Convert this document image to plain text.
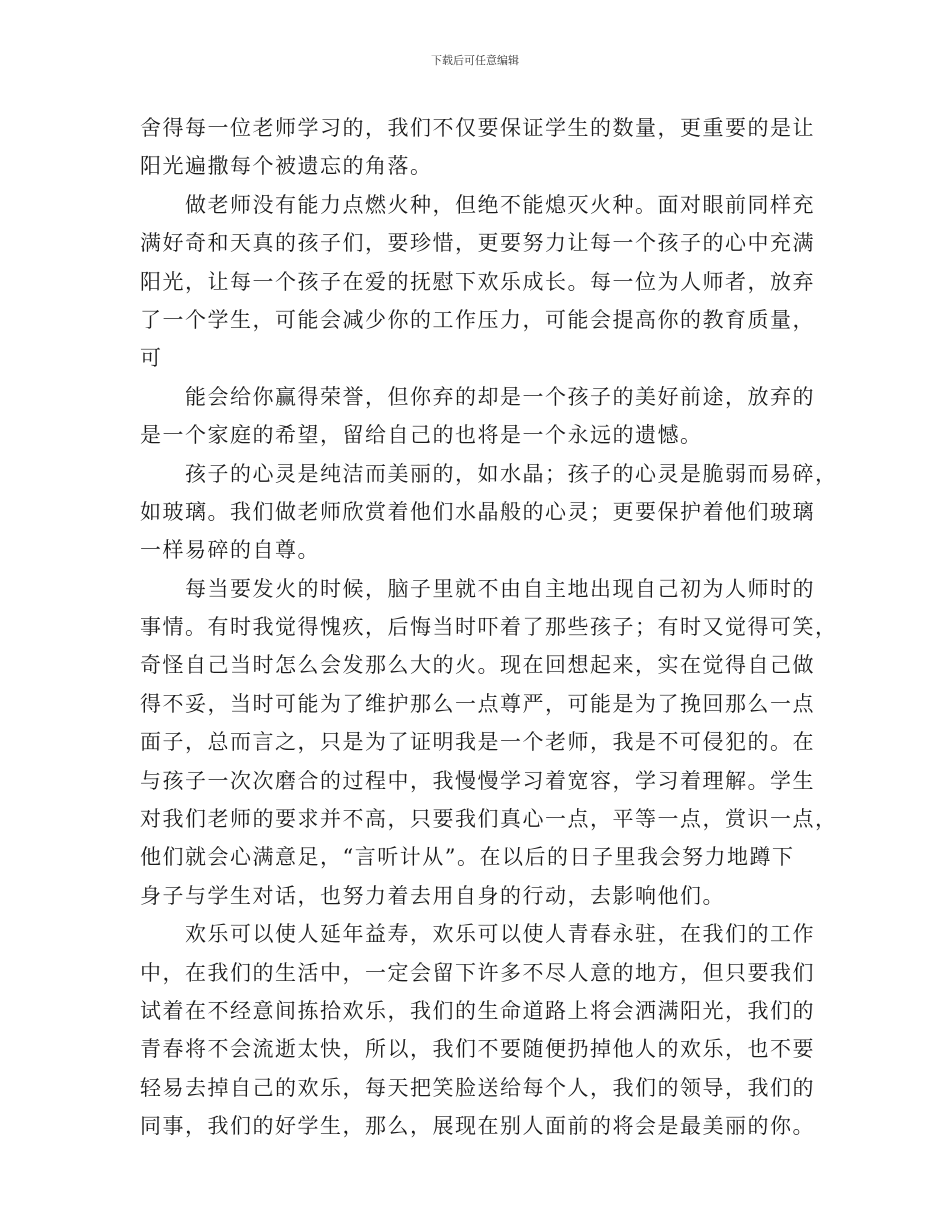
下载后可任意编辑
舍得每一位老师学习的，我们不仅要保证学生的数量，更重要的是让
阳光遍撒每个被遗忘的角落。
做老师没有能力点燃火种，但绝不能熄灭火种。面对眼前同样充
满好奇和天真的孩子们，要珍惜，更要努力让每一个孩子的心中充满
阳光，让每一个孩子在爱的抚慰下欢乐成长。每一位为人师者，放弃
了一个学生，可能会减少你的工作压力，可能会提高你的教育质量，
可
能会给你赢得荣誉，但你弃的却是一个孩子的美好前途，放弃的
是一个家庭的希望，留给自己的也将是一个永远的遗憾。
孩子的心灵是纯洁而美丽的，如水晶；孩子的心灵是脆弱而易碎，
如玻璃。我们做老师欣赏着他们水晶般的心灵；更要保护着他们玻璃
一样易碎的自尊。
每当要发火的时候，脑子里就不由自主地出现自己初为人师时的
事情。有时我觉得愧疚，后悔当时吓着了那些孩子；有时又觉得可笑，
奇怪自己当时怎么会发那么大的火。现在回想起来，实在觉得自己做
得不妥，当时可能为了维护那么一点尊严，可能是为了挽回那么一点
面子，总而言之，只是为了证明我是一个老师，我是不可侵犯的。在
与孩子一次次磨合的过程中，我慢慢学习着宽容，学习着理解。学生
对我们老师的要求并不高，只要我们真心一点，平等一点，赏识一点，
他们就会心满意足，“言听计从”。在以后的日子里我会努力地蹲下
身子与学生对话，也努力着去用自身的行动，去影响他们。
欢乐可以使人延年益寿，欢乐可以使人青春永驻，在我们的工作
中，在我们的生活中，一定会留下许多不尽人意的地方，但只要我们
试着在不经意间拣拾欢乐，我们的生命道路上将会洒满阳光，我们的
青春将不会流逝太快，所以，我们不要随便扔掉他人的欢乐，也不要
轻易去掉自己的欢乐，每天把笑脸送给每个人，我们的领导，我们的
同事，我们的好学生，那么，展现在别人面前的将会是最美丽的你。
